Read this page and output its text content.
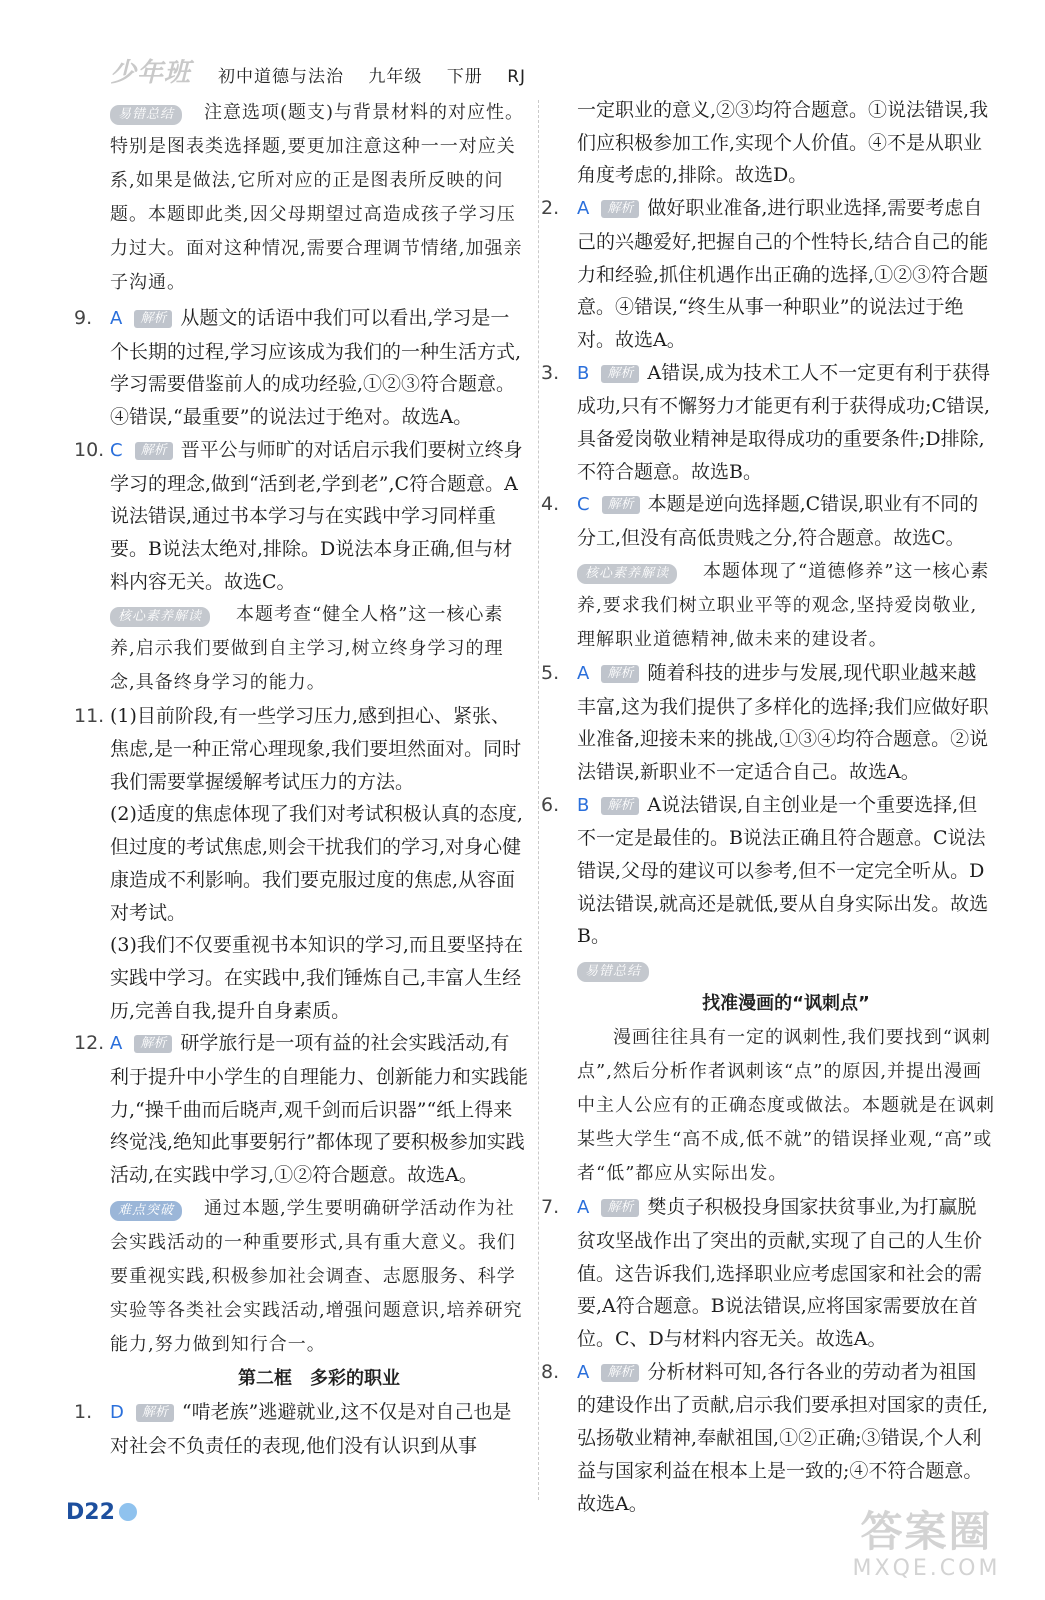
少年班 初中道德与法治 九年级 下册 RJ
易错总结 注意选项(题支)与背景材料的对应性。特别是图表类选择题,要更加注意这种一一对应关系,如果是做法,它所对应的正是图表所反映的问题。本题即此类,因父母期望过高造成孩子学习压力过大。面对这种情况,需要合理调节情绪,加强亲子沟通。
9. A 解析 从题文的话语中我们可以看出,学习是一个长期的过程,学习应该成为我们的一种生活方式,学习需要借鉴前人的成功经验,①②③符合题意。④错误,“最重要”的说法过于绝对。故选A。
10. C 解析 晋平公与师旷的对话启示我们要树立终身学习的理念,做到“活到老,学到老”,C符合题意。A说法错误,通过书本学习与在实践中学习同样重要。B说法太绝对,排除。D说法本身正确,但与材料内容无关。故选C。
核心素养解读 本题考查“健全人格”这一核心素养,启示我们要做到自主学习,树立终身学习的理念,具备终身学习的能力。
11. (1)目前阶段,有一些学习压力,感到担心、紧张、焦虑,是一种正常心理现象,我们要坦然面对。同时我们需要掌握缓解考试压力的方法。
(2)适度的焦虑体现了我们对考试积极认真的态度,但过度的考试焦虑,则会干扰我们的学习,对身心健康造成不利影响。我们要克服过度的焦虑,从容面对考试。
(3)我们不仅要重视书本知识的学习,而且要坚持在实践中学习。在实践中,我们锤炼自己,丰富人生经历,完善自我,提升自身素质。
12. A 解析 研学旅行是一项有益的社会实践活动,有利于提升中小学生的自理能力、创新能力和实践能力,“操千曲而后晓声,观千剑而后识器”“纸上得来终觉浅,绝知此事要躬行”都体现了要积极参加实践活动,在实践中学习,①②符合题意。故选A。
难点突破 通过本题,学生要明确研学活动作为社会实践活动的一种重要形式,具有重大意义。我们要重视实践,积极参加社会调查、志愿服务、科学实验等各类社会实践活动,增强问题意识,培养研究能力,努力做到知行合一。
第二框　多彩的职业
1. D 解析 “啃老族”逃避就业,这不仅是对自己也是对社会不负责任的表现,他们没有认识到从事
一定职业的意义,②③均符合题意。①说法错误,我们应积极参加工作,实现个人价值。④不是从职业角度考虑的,排除。故选D。
2. A 解析 做好职业准备,进行职业选择,需要考虑自己的兴趣爱好,把握自己的个性特长,结合自己的能力和经验,抓住机遇作出正确的选择,①②③符合题意。④错误,“终生从事一种职业”的说法过于绝对。故选A。
3. B 解析 A错误,成为技术工人不一定更有利于获得成功,只有不懈努力才能更有利于获得成功;C错误,具备爱岗敬业精神是取得成功的重要条件;D排除,不符合题意。故选B。
4. C 解析 本题是逆向选择题,C错误,职业有不同的分工,但没有高低贵贱之分,符合题意。故选C。
核心素养解读 本题体现了“道德修养”这一核心素养,要求我们树立职业平等的观念,坚持爱岗敬业,理解职业道德精神,做未来的建设者。
5. A 解析 随着科技的进步与发展,现代职业越来越丰富,这为我们提供了多样化的选择;我们应做好职业准备,迎接未来的挑战,①③④均符合题意。②说法错误,新职业不一定适合自己。故选A。
6. B 解析 A说法错误,自主创业是一个重要选择,但不一定是最佳的。B说法正确且符合题意。C说法错误,父母的建议可以参考,但不一定完全听从。D说法错误,就高还是就低,要从自身实际出发。故选B。
易错总结
找准漫画的“讽刺点”
漫画往往具有一定的讽刺性,我们要找到“讽刺点”,然后分析作者讽刺该“点”的原因,并提出漫画中主人公应有的正确态度或做法。本题就是在讽刺某些大学生“高不成,低不就”的错误择业观,“高”或者“低”都应从实际出发。
7. A 解析 樊贞子积极投身国家扶贫事业,为打赢脱贫攻坚战作出了突出的贡献,实现了自己的人生价值。这告诉我们,选择职业应考虑国家和社会的需要,A符合题意。B说法错误,应将国家需要放在首位。C、D与材料内容无关。故选A。
8. A 解析 分析材料可知,各行各业的劳动者为祖国的建设作出了贡献,启示我们要承担对国家的责任,弘扬敬业精神,奉献祖国,①②正确;③错误,个人利益与国家利益在根本上是一致的;④不符合题意。故选A。
D22	答案圈
MXQE.COM
